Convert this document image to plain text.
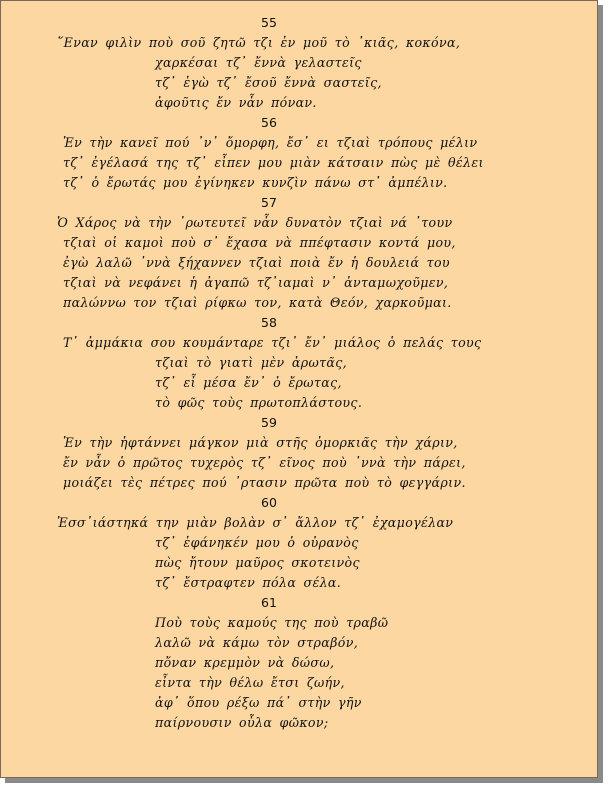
55
῞Εναν φιλὶν ποὺ σοῦ ζητῶ τζι ἐν μοῦ τὸ ᾿κιᾶς, κοκόνα,
χαρκέσαι τζ᾿ ἔννὰ γελαστεῖς
τζ᾿ ἐγὼ τζ᾿ ἔσοῦ ἔννὰ σαστεῖς,
ἀφοῦτις ἔν νἆν πόναν.
56
Ἐν τὴν κανεῖ πού ᾿ν᾿ ὄμορφη, ἔσ᾿ ει τζιαὶ τρόπους μέλιν
τζ᾿ ἐγέλασά της τζ᾿ εἶπεν μου μιὰν κάτσαιν πὼς μὲ θέλει
τζ᾿ ὁ ἔρωτάς μου ἐγίνηκεν κυνζὶν πάνω στ᾿ ἀμπέλιν.
57
Ὁ Χάρος νὰ τὴν ᾿ρωτευτεῖ νἆν δυνατὸν τζιαὶ νά ᾿τουν
τζιαὶ οἱ καμοὶ ποὺ σ᾿ ἔχασα νὰ ππέφτασιν κοντά μου,
ἐγὼ λαλῶ ᾿ννὰ ξήχαννεν τζιαὶ ποιὰ ἔν ἡ δουλειά του
τζιαὶ νὰ νεφάνει ἡ ἀγαπῶ τζ᾿ιαμαὶ ν᾿ ἀνταμωχοῦμεν,
παλώννω τον τζιαὶ ρίφκω τον, κατὰ Θεόν, χαρκοῦμαι.
58
Τ᾿ ἀμμάκια σου κουμάνταρε τζι᾿ ἔν᾿ μιάλος ὁ πελάς τους
τζιαὶ τὸ γιατὶ μὲν ἀρωτᾶς,
τζ᾿ εἶ μέσα ἔν᾿ ὁ ἔρωτας,
τὸ φῶς τοὺς πρωτοπλάστους.
59
Ἐν τὴν ἠφτάννει μάγκον μιὰ στῆς ὀμορκιᾶς τὴν χάριν,
ἔν νἆν ὁ πρῶτος τυχερὸς τζ᾿ εῖνος ποὺ ᾿ννὰ τὴν πάρει,
μοιάζει τὲς πέτρες πού ᾿ρτασιν πρῶτα ποὺ τὸ φεγγάριν.
60
Ἐσσ᾿ιάστηκά την μιὰν βολὰν σ᾿ ἄλλον τζ᾿ ἐχαμογέλαν
τζ᾿ ἐφάνηκέν μου ὁ οὐρανὸς
πὼς ἤτουν μαῦρος σκοτεινὸς
τζ᾿ ἔστραφτεν πόλα σέλα.
61
Ποὺ τοὺς καμούς της ποὺ τραβῶ
λαλῶ νὰ κάμω τὸν στραβόν,
πὄναν κρεμμὸν νὰ δώσω,
εἶντα τὴν θέλω ἔτσι ζωήν,
ἀφ᾿ ὅπου ρέξω πά᾿ στὴν γῆν
παίρνουσιν οὖλα φῶκον;
